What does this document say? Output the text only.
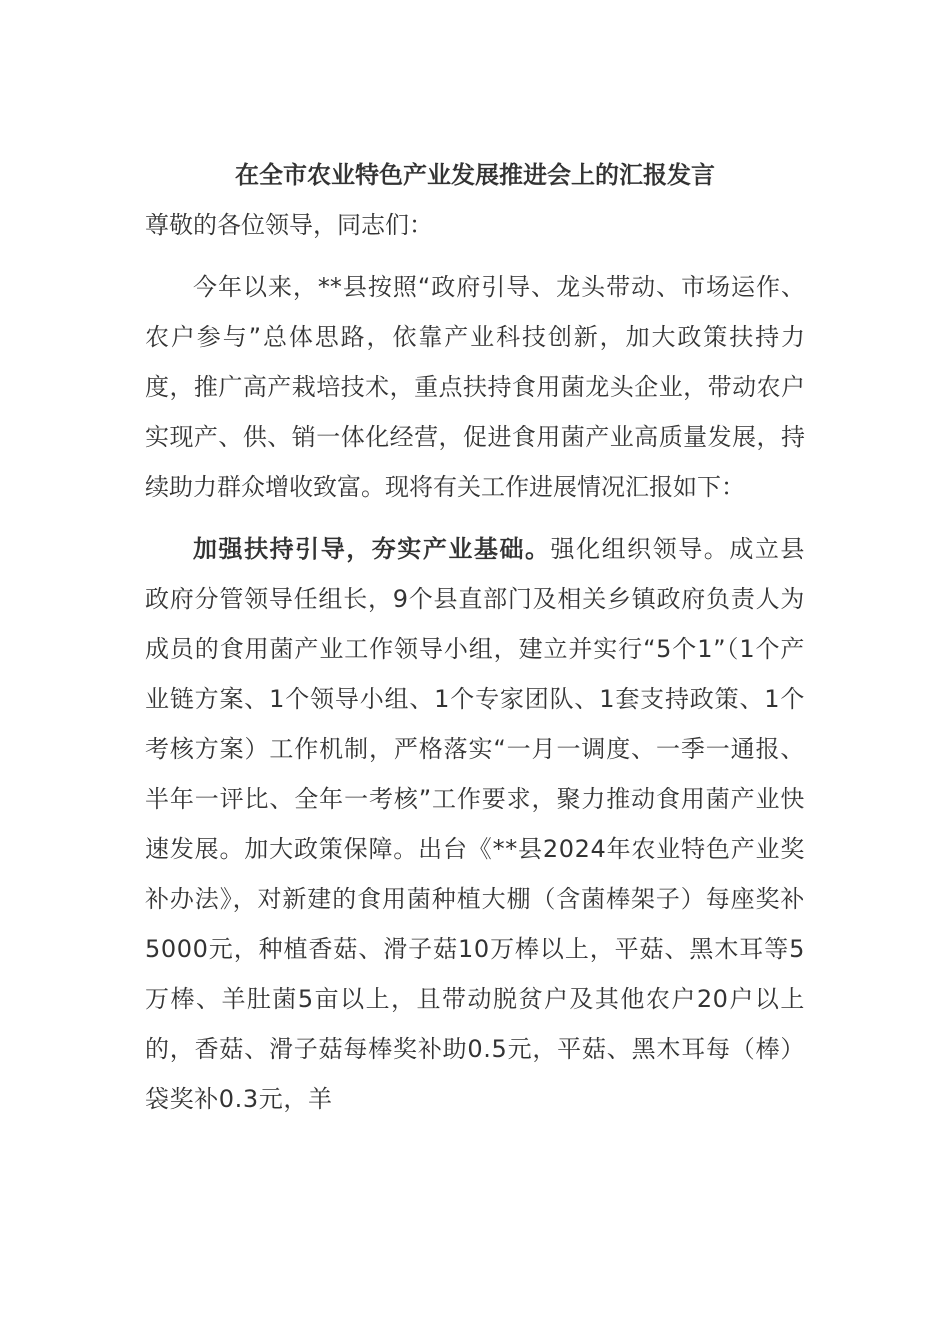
在全市农业特色产业发展推进会上的汇报发言

尊敬的各位领导，同志们：

今年以来，**县按照“政府引导、龙头带动、市场运作、农户参与”总体思路，依靠产业科技创新，加大政策扶持力度，推广高产栽培技术，重点扶持食用菌龙头企业，带动农户实现产、供、销一体化经营，促进食用菌产业高质量发展，持续助力群众增收致富。现将有关工作进展情况汇报如下：

加强扶持引导，夯实产业基础。强化组织领导。成立县政府分管领导任组长，9个县直部门及相关乡镇政府负责人为成员的食用菌产业工作领导小组，建立并实行“5个1”（1个产业链方案、1个领导小组、1个专家团队、1套支持政策、1个考核方案）工作机制，严格落实“一月一调度、一季一通报、半年一评比、全年一考核”工作要求，聚力推动食用菌产业快速发展。加大政策保障。出台《**县2024年农业特色产业奖补办法》，对新建的食用菌种植大棚（含菌棒架子）每座奖补5000元，种植香菇、滑子菇10万棒以上，平菇、黑木耳等5万棒、羊肚菌5亩以上，且带动脱贫户及其他农户20户以上的，香菇、滑子菇每棒奖补助0.5元，平菇、黑木耳每（棒）袋奖补0.3元，羊
